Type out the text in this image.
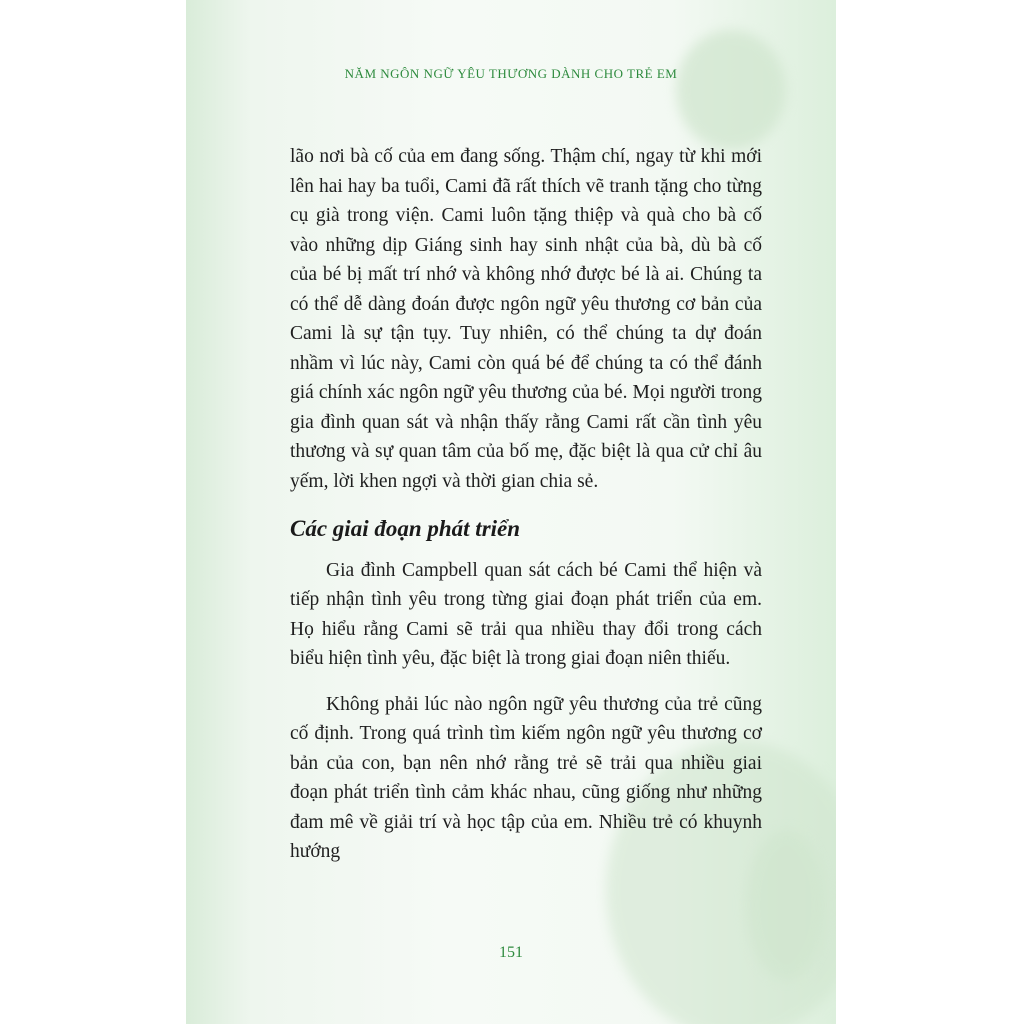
NĂM NGÔN NGỮ YÊU THƯƠNG DÀNH CHO TRẺ EM

lão nơi bà cố của em đang sống. Thậm chí, ngay từ khi mới lên hai hay ba tuổi, Cami đã rất thích vẽ tranh tặng cho từng cụ già trong viện. Cami luôn tặng thiệp và quà cho bà cố vào những dịp Giáng sinh hay sinh nhật của bà, dù bà cố của bé bị mất trí nhớ và không nhớ được bé là ai. Chúng ta có thể dễ dàng đoán được ngôn ngữ yêu thương cơ bản của Cami là sự tận tụy. Tuy nhiên, có thể chúng ta dự đoán nhầm vì lúc này, Cami còn quá bé để chúng ta có thể đánh giá chính xác ngôn ngữ yêu thương của bé. Mọi người trong gia đình quan sát và nhận thấy rằng Cami rất cần tình yêu thương và sự quan tâm của bố mẹ, đặc biệt là qua cử chỉ âu yếm, lời khen ngợi và thời gian chia sẻ.

Các giai đoạn phát triển

Gia đình Campbell quan sát cách bé Cami thể hiện và tiếp nhận tình yêu trong từng giai đoạn phát triển của em. Họ hiểu rằng Cami sẽ trải qua nhiều thay đổi trong cách biểu hiện tình yêu, đặc biệt là trong giai đoạn niên thiếu.

Không phải lúc nào ngôn ngữ yêu thương của trẻ cũng cố định. Trong quá trình tìm kiếm ngôn ngữ yêu thương cơ bản của con, bạn nên nhớ rằng trẻ sẽ trải qua nhiều giai đoạn phát triển tình cảm khác nhau, cũng giống như những đam mê về giải trí và học tập của em. Nhiều trẻ có khuynh hướng

151
